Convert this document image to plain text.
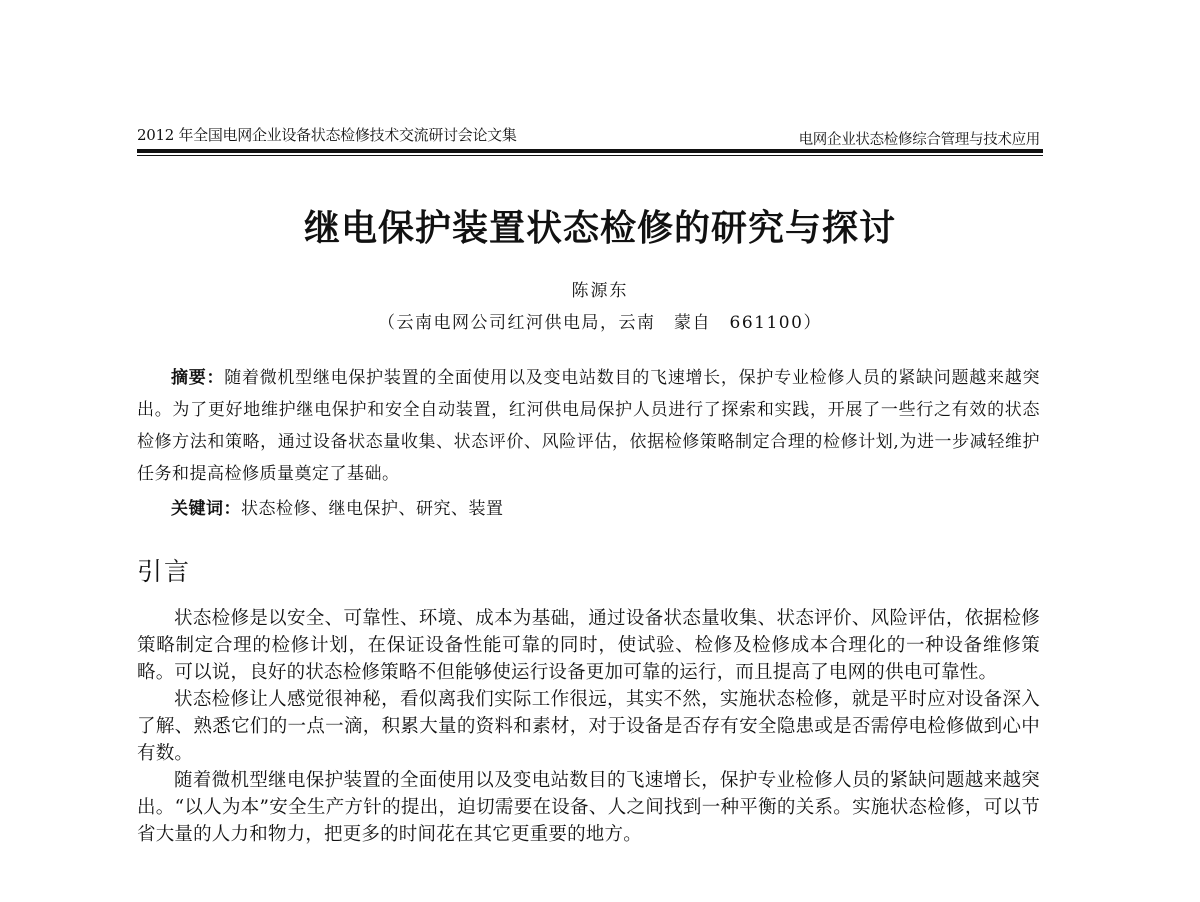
2012 年全国电网企业设备状态检修技术交流研讨会论文集	电网企业状态检修综合管理与技术应用
继电保护装置状态检修的研究与探讨
陈源东
（云南电网公司红河供电局，云南　蒙自　661100）
摘要：随着微机型继电保护装置的全面使用以及变电站数目的飞速增长，保护专业检修人员的紧缺问题越来越突出。为了更好地维护继电保护和安全自动装置，红河供电局保护人员进行了探索和实践，开展了一些行之有效的状态检修方法和策略，通过设备状态量收集、状态评价、风险评估，依据检修策略制定合理的检修计划,为进一步减轻维护任务和提高检修质量奠定了基础。
关键词：状态检修、继电保护、研究、装置
引言

状态检修是以安全、可靠性、环境、成本为基础，通过设备状态量收集、状态评价、风险评估，依据检修策略制定合理的检修计划，在保证设备性能可靠的同时，使试验、检修及检修成本合理化的一种设备维修策略。可以说，良好的状态检修策略不但能够使运行设备更加可靠的运行，而且提高了电网的供电可靠性。

状态检修让人感觉很神秘，看似离我们实际工作很远，其实不然，实施状态检修，就是平时应对设备深入了解、熟悉它们的一点一滴，积累大量的资料和素材，对于设备是否存有安全隐患或是否需停电检修做到心中有数。

随着微机型继电保护装置的全面使用以及变电站数目的飞速增长，保护专业检修人员的紧缺问题越来越突出。“以人为本”安全生产方针的提出，迫切需要在设备、人之间找到一种平衡的关系。实施状态检修，可以节省大量的人力和物力，把更多的时间花在其它更重要的地方。
